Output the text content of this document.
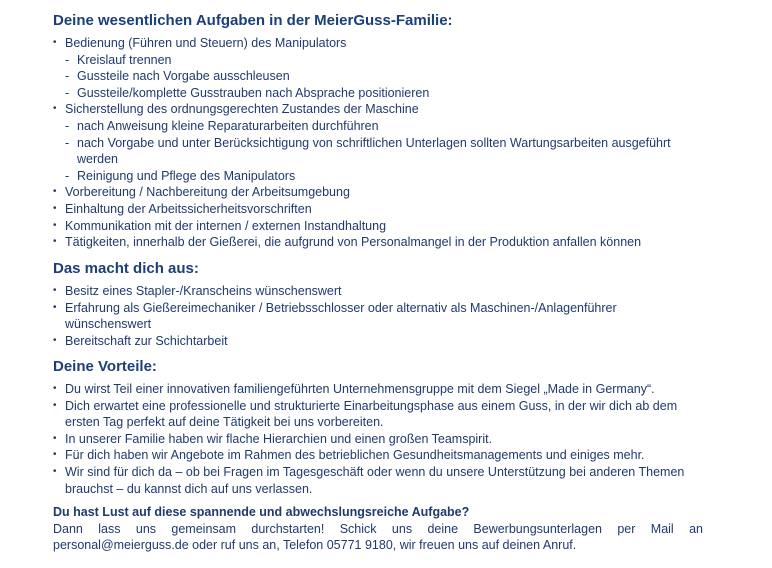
Deine wesentlichen Aufgaben in der MeierGuss-Familie:
• Bedienung (Führen und Steuern) des Manipulators
- Kreislauf trennen
- Gussteile nach Vorgabe ausschleusen
- Gussteile/komplette Gusstrauben nach Absprache positionieren
• Sicherstellung des ordnungsgerechten Zustandes der Maschine
- nach Anweisung kleine Reparaturarbeiten durchführen
- nach Vorgabe und unter Berücksichtigung von schriftlichen Unterlagen sollten Wartungsarbeiten ausgeführt werden
- Reinigung und Pflege des Manipulators
• Vorbereitung / Nachbereitung der Arbeitsumgebung
• Einhaltung der Arbeitssicherheitsvorschriften
• Kommunikation mit der internen / externen Instandhaltung
• Tätigkeiten, innerhalb der Gießerei, die aufgrund von Personalmangel in der Produktion anfallen können
Das macht dich aus:
• Besitz eines Stapler-/Kranscheins wünschenswert
• Erfahrung als Gießereimechaniker / Betriebsschlosser oder alternativ als Maschinen-/Anlagenführer wünschenswert
• Bereitschaft zur Schichtarbeit
Deine Vorteile:
• Du wirst Teil einer innovativen familiengeführten Unternehmensgruppe mit dem Siegel „Made in Germany“.
• Dich erwartet eine professionelle und strukturierte Einarbeitungsphase aus einem Guss, in der wir dich ab dem ersten Tag perfekt auf deine Tätigkeit bei uns vorbereiten.
• In unserer Familie haben wir flache Hierarchien und einen großen Teamspirit.
• Für dich haben wir Angebote im Rahmen des betrieblichen Gesundheitsmanagements und einiges mehr.
• Wir sind für dich da – ob bei Fragen im Tagesgeschäft oder wenn du unsere Unterstützung bei anderen Themen brauchst – du kannst dich auf uns verlassen.

Du hast Lust auf diese spannende und abwechslungsreiche Aufgabe?

Dann lass uns gemeinsam durchstarten! Schick uns deine Bewerbungsunterlagen per Mail an personal@meierguss.de oder ruf uns an, Telefon 05771 9180, wir freuen uns auf deinen Anruf.
